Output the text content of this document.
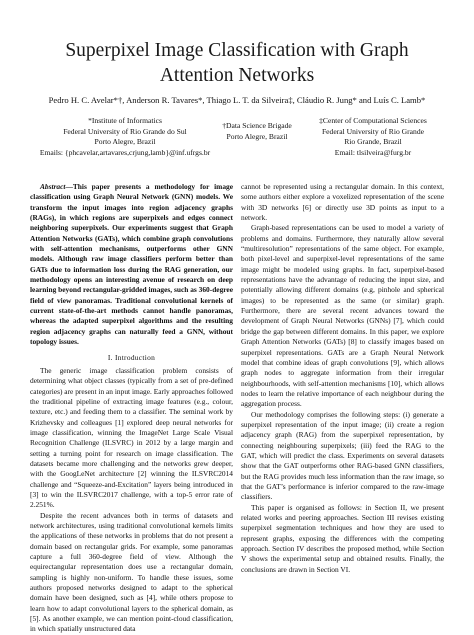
Superpixel Image Classification with Graph
Attention Networks
Pedro H. C. Avelar*†, Anderson R. Tavares*, Thiago L. T. da Silveira‡, Cláudio R. Jung* and Luís C. Lamb*
*Institute of Informatics
Federal University of Rio Grande do Sul
Porto Alegre, Brazil
Emails: {phcavelar,artavares,crjung,lamb}@inf.ufrgs.br
†Data Science Brigade
Porto Alegre, Brazil
‡Center of Computational Sciences
Federal University of Rio Grande
Rio Grande, Brazil
Email: tlsilveira@furg.br

Abstract—This paper presents a methodology for image classification using Graph Neural Network (GNN) models. We transform the input images into region adjacency graphs (RAGs), in which regions are superpixels and edges connect neighboring superpixels. Our experiments suggest that Graph Attention Networks (GATs), which combine graph convolutions with self-attention mechanisms, outperforms other GNN models. Although raw image classifiers perform better than GATs due to information loss during the RAG generation, our methodology opens an interesting avenue of research on deep learning beyond rectangular-gridded images, such as 360-degree field of view panoramas. Traditional convolutional kernels of current state-of-the-art methods cannot handle panoramas, whereas the adapted superpixel algorithms and the resulting region adjacency graphs can naturally feed a GNN, without topology issues.

I. Introduction

The generic image classification problem consists of determining what object classes (typically from a set of pre-defined categories) are present in an input image. Early approaches followed the traditional pipeline of extracting image features (e.g., colour, texture, etc.) and feeding them to a classifier. The seminal work by Krizhevsky and colleagues [1] explored deep neural networks for image classification, winning the ImageNet Large Scale Visual Recognition Challenge (ILSVRC) in 2012 by a large margin and setting a turning point for research on image classification. The datasets became more challenging and the networks grew deeper, with the GoogLeNet architecture [2] winning the ILSVRC2014 challenge and “Squeeze-and-Excitation” layers being introduced in [3] to win the ILSVRC2017 challenge, with a top-5 error rate of 2.251%.

Despite the recent advances both in terms of datasets and network architectures, using traditional convolutional kernels limits the applications of these networks in problems that do not present a domain based on rectangular grids. For example, some panoramas capture a full 360-degree field of view. Although the equirectangular representation does use a rectangular domain, sampling is highly non-uniform. To handle these issues, some authors proposed networks designed to adapt to the spherical domain have been designed, such as [4], while others propose to learn how to adapt convolutional layers to the spherical domain, as [5]. As another example, we can mention point-cloud classification, in which spatially unstructured data

cannot be represented using a rectangular domain. In this context, some authors either explore a voxelized representation of the scene with 3D networks [6] or directly use 3D points as input to a network.

Graph-based representations can be used to model a variety of problems and domains. Furthermore, they naturally allow several “multiresolution” representations of the same object. For example, both pixel-level and superpixel-level representations of the same image might be modeled using graphs. In fact, superpixel-based representations have the advantage of reducing the input size, and potentially allowing different domains (e.g, pinhole and spherical images) to be represented as the same (or similar) graph. Furthermore, there are several recent advances toward the development of Graph Neural Networks (GNNs) [7], which could bridge the gap between different domains. In this paper, we explore Graph Attention Networks (GATs) [8] to classify images based on superpixel representations. GATs are a Graph Neural Network model that combine ideas of graph convolutions [9], which allows graph nodes to aggregate information from their irregular neighbourhoods, with self-attention mechanisms [10], which allows nodes to learn the relative importance of each neighbour during the aggregation process.

Our methodology comprises the following steps: (i) generate a superpixel representation of the input image; (ii) create a region adjacency graph (RAG) from the superpixel representation, by connecting neighbouring superpixels; (iii) feed the RAG to the GAT, which will predict the class. Experiments on several datasets show that the GAT outperforms other RAG-based GNN classifiers, but the RAG provides much less information than the raw image, so that the GAT’s performance is inferior compared to the raw-image classifiers.

This paper is organised as follows: in Section II, we present related works and peering approaches. Section III revises existing superpixel segmentation techniques and how they are used to represent graphs, exposing the differences with the competing approach. Section IV describes the proposed method, while Section V shows the experimental setup and obtained results. Finally, the conclusions are drawn in Section VI.
